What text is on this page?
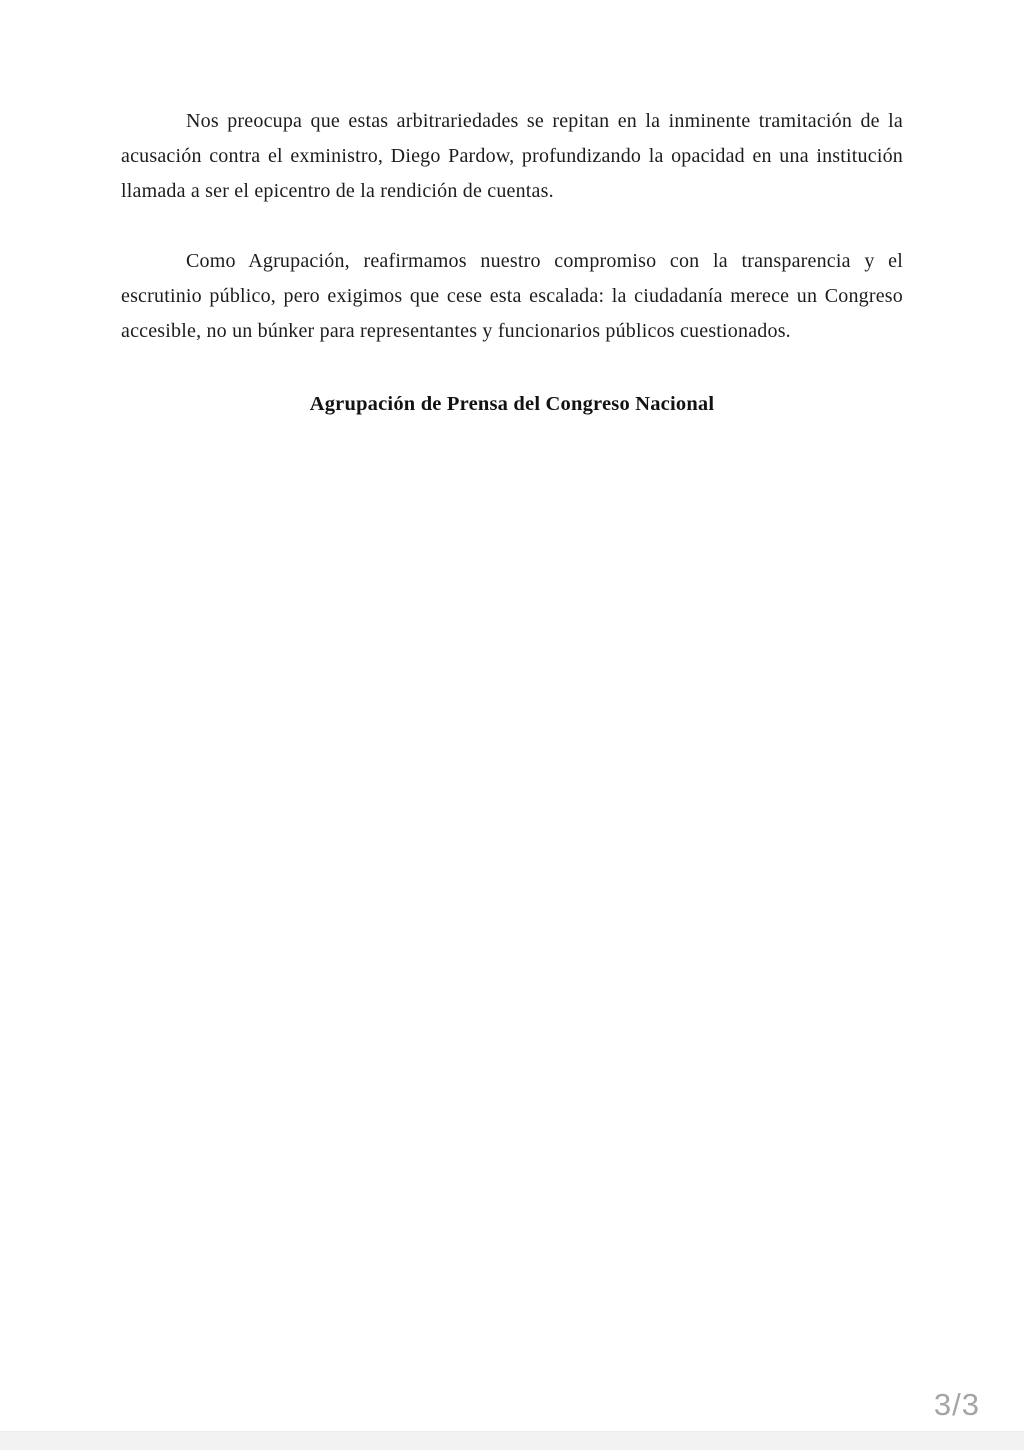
Nos preocupa que estas arbitrariedades se repitan en la inminente tramitación de la acusación contra el exministro, Diego Pardow, profundizando la opacidad en una institución llamada a ser el epicentro de la rendición de cuentas.

Como Agrupación, reafirmamos nuestro compromiso con la transparencia y el escrutinio público, pero exigimos que cese esta escalada: la ciudadanía merece un Congreso accesible, no un búnker para representantes y funcionarios públicos cuestionados.

Agrupación de Prensa del Congreso Nacional

3/3
